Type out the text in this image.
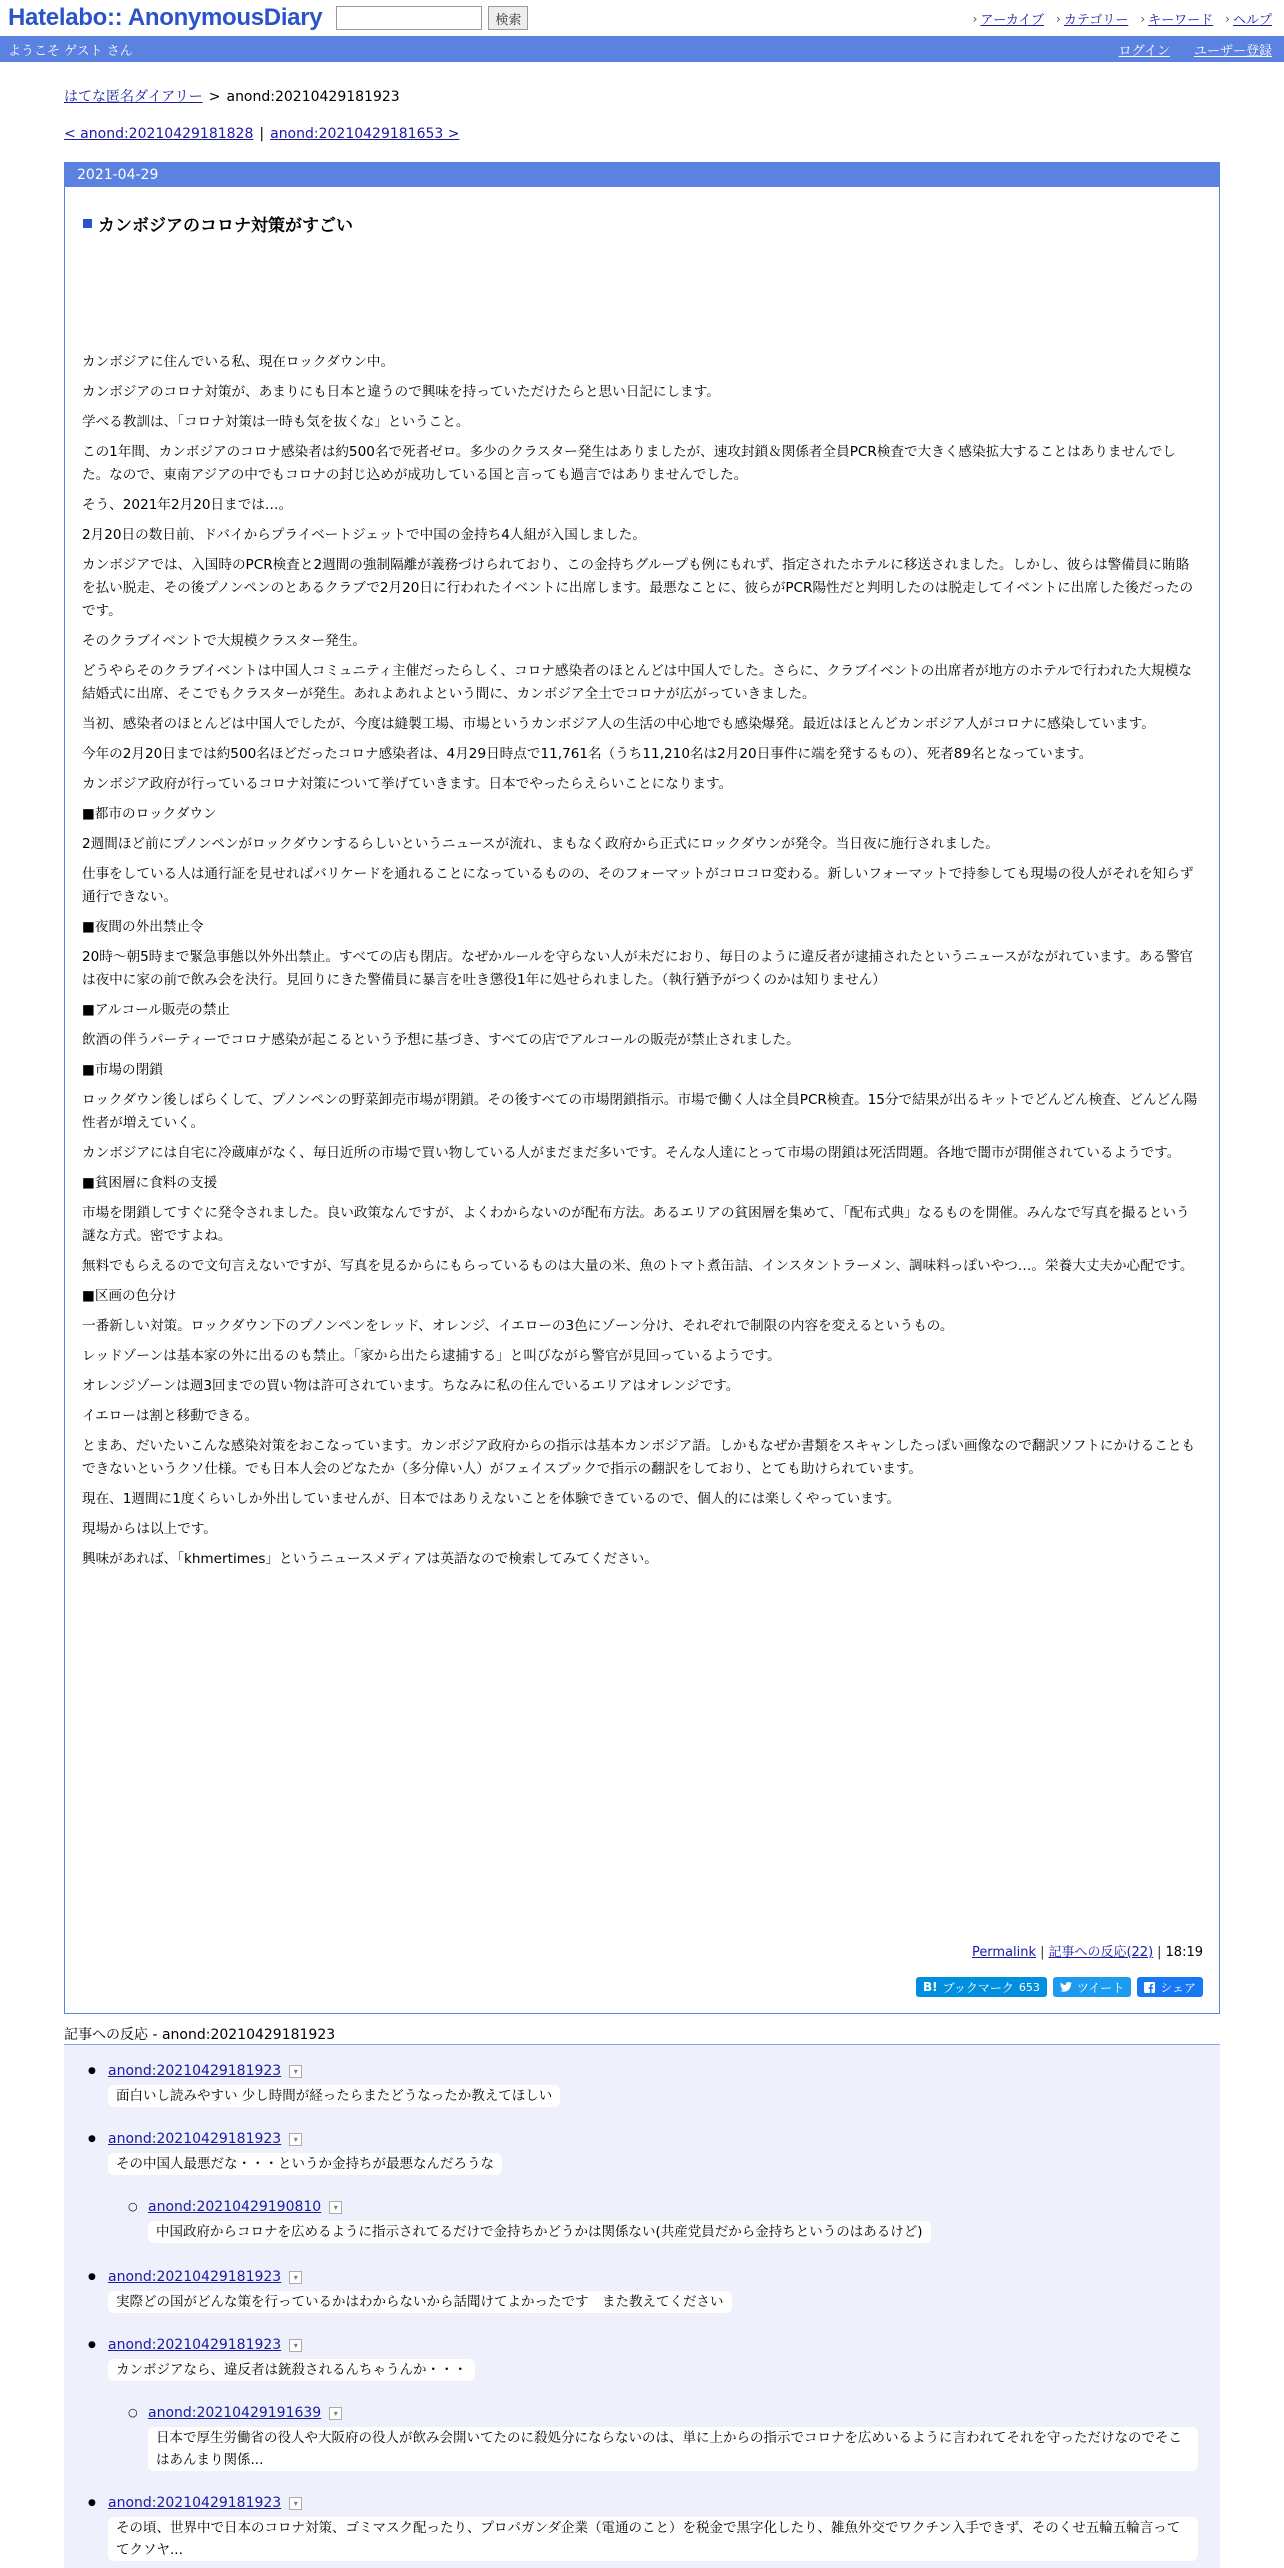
Hatelabo:: AnonymousDiary	検索	› アーカイブ › カテゴリー › キーワード › ヘルプ
ようこそ ゲスト さん	ログイン ユーザー登録
はてな匿名ダイアリー > anond:20210429181923
< anond:20210429181828 | anond:20210429181653 >
2021-04-29
カンボジアのコロナ対策がすごい

カンボジアに住んでいる私、現在ロックダウン中。

カンボジアのコロナ対策が、あまりにも日本と違うので興味を持っていただけたらと思い日記にします。

学べる教訓は、「コロナ対策は一時も気を抜くな」ということ。

この1年間、カンボジアのコロナ感染者は約500名で死者ゼロ。多少のクラスター発生はありましたが、速攻封鎖＆関係者全員PCR検査で大きく感染拡大することはありませんでした。なので、東南アジアの中でもコロナの封じ込めが成功している国と言っても過言ではありませんでした。

そう、2021年2月20日までは…。

2月20日の数日前、ドバイからプライベートジェットで中国の金持ち4人組が入国しました。

カンボジアでは、入国時のPCR検査と2週間の強制隔離が義務づけられており、この金持ちグループも例にもれず、指定されたホテルに移送されました。しかし、彼らは警備員に賄賂を払い脱走、その後プノンペンのとあるクラブで2月20日に行われたイベントに出席します。最悪なことに、彼らがPCR陽性だと判明したのは脱走してイベントに出席した後だったのです。

そのクラブイベントで大規模クラスター発生。

どうやらそのクラブイベントは中国人コミュニティ主催だったらしく、コロナ感染者のほとんどは中国人でした。さらに、クラブイベントの出席者が地方のホテルで行われた大規模な結婚式に出席、そこでもクラスターが発生。あれよあれよという間に、カンボジア全土でコロナが広がっていきました。

当初、感染者のほとんどは中国人でしたが、今度は縫製工場、市場というカンボジア人の生活の中心地でも感染爆発。最近はほとんどカンボジア人がコロナに感染しています。

今年の2月20日までは約500名ほどだったコロナ感染者は、4月29日時点で11,761名（うち11,210名は2月20日事件に端を発するもの）、死者89名となっています。

カンボジア政府が行っているコロナ対策について挙げていきます。日本でやったらえらいことになります。

■都市のロックダウン

2週間ほど前にプノンペンがロックダウンするらしいというニュースが流れ、まもなく政府から正式にロックダウンが発令。当日夜に施行されました。

仕事をしている人は通行証を見せればバリケードを通れることになっているものの、そのフォーマットがコロコロ変わる。新しいフォーマットで持参しても現場の役人がそれを知らず通行できない。

■夜間の外出禁止令

20時〜朝5時まで緊急事態以外外出禁止。すべての店も閉店。なぜかルールを守らない人が未だにおり、毎日のように違反者が逮捕されたというニュースがながれています。ある警官は夜中に家の前で飲み会を決行。見回りにきた警備員に暴言を吐き懲役1年に処せられました。（執行猶予がつくのかは知りません）

■アルコール販売の禁止

飲酒の伴うパーティーでコロナ感染が起こるという予想に基づき、すべての店でアルコールの販売が禁止されました。

■市場の閉鎖

ロックダウン後しばらくして、プノンペンの野菜卸売市場が閉鎖。その後すべての市場閉鎖指示。市場で働く人は全員PCR検査。15分で結果が出るキットでどんどん検査、どんどん陽性者が増えていく。

カンボジアには自宅に冷蔵庫がなく、毎日近所の市場で買い物している人がまだまだ多いです。そんな人達にとって市場の閉鎖は死活問題。各地で闇市が開催されているようです。

■貧困層に食料の支援

市場を閉鎖してすぐに発令されました。良い政策なんですが、よくわからないのが配布方法。あるエリアの貧困層を集めて、「配布式典」なるものを開催。みんなで写真を撮るという謎な方式。密ですよね。

無料でもらえるので文句言えないですが、写真を見るからにもらっているものは大量の米、魚のトマト煮缶詰、インスタントラーメン、調味料っぽいやつ…。栄養大丈夫か心配です。

■区画の色分け

一番新しい対策。ロックダウン下のプノンペンをレッド、オレンジ、イエローの3色にゾーン分け、それぞれで制限の内容を変えるというもの。

レッドゾーンは基本家の外に出るのも禁止。「家から出たら逮捕する」と叫びながら警官が見回っているようです。

オレンジゾーンは週3回までの買い物は許可されています。ちなみに私の住んでいるエリアはオレンジです。

イエローは割と移動できる。

とまあ、だいたいこんな感染対策をおこなっています。カンボジア政府からの指示は基本カンボジア語。しかもなぜか書類をスキャンしたっぽい画像なので翻訳ソフトにかけることもできないというクソ仕様。でも日本人会のどなたか（多分偉い人）がフェイスブックで指示の翻訳をしており、とても助けられています。

現在、1週間に1度くらいしか外出していませんが、日本ではありえないことを体験できているので、個人的には楽しくやっています。

現場からは以上です。

興味があれば、「khmertimes」というニュースメディアは英語なので検索してみてください。

Permalink | 記事への反応(22) | 18:19
B! ブックマーク 653	ツイート	シェア
記事への反応 - anond:20210429181923
● anond:20210429181923	▾
面白いし読みやすい 少し時間が経ったらまたどうなったか教えてほしい
● anond:20210429181923	▾
その中国人最悪だな・・・というか金持ちが最悪なんだろうな
○ anond:20210429190810	▾
中国政府からコロナを広めるように指示されてるだけで金持ちかどうかは関係ない(共産党員だから金持ちというのはあるけど)
● anond:20210429181923	▾
実際どの国がどんな策を行っているかはわからないから話聞けてよかったです　また教えてください
● anond:20210429181923	▾
カンボジアなら、違反者は銃殺されるんちゃうんか・・・
○ anond:20210429191639	▾
日本で厚生労働省の役人や大阪府の役人が飲み会開いてたのに殺処分にならないのは、単に上からの指示でコロナを広めいるように言われてそれを守っただけなのでそこはあんまり関係...
● anond:20210429181923	▾
その頃、世界中で日本のコロナ対策、ゴミマスク配ったり、プロパガンダ企業（電通のこと）を税金で黒字化したり、雑魚外交でワクチン入手できず、そのくせ五輪五輪言っててクソヤ...
